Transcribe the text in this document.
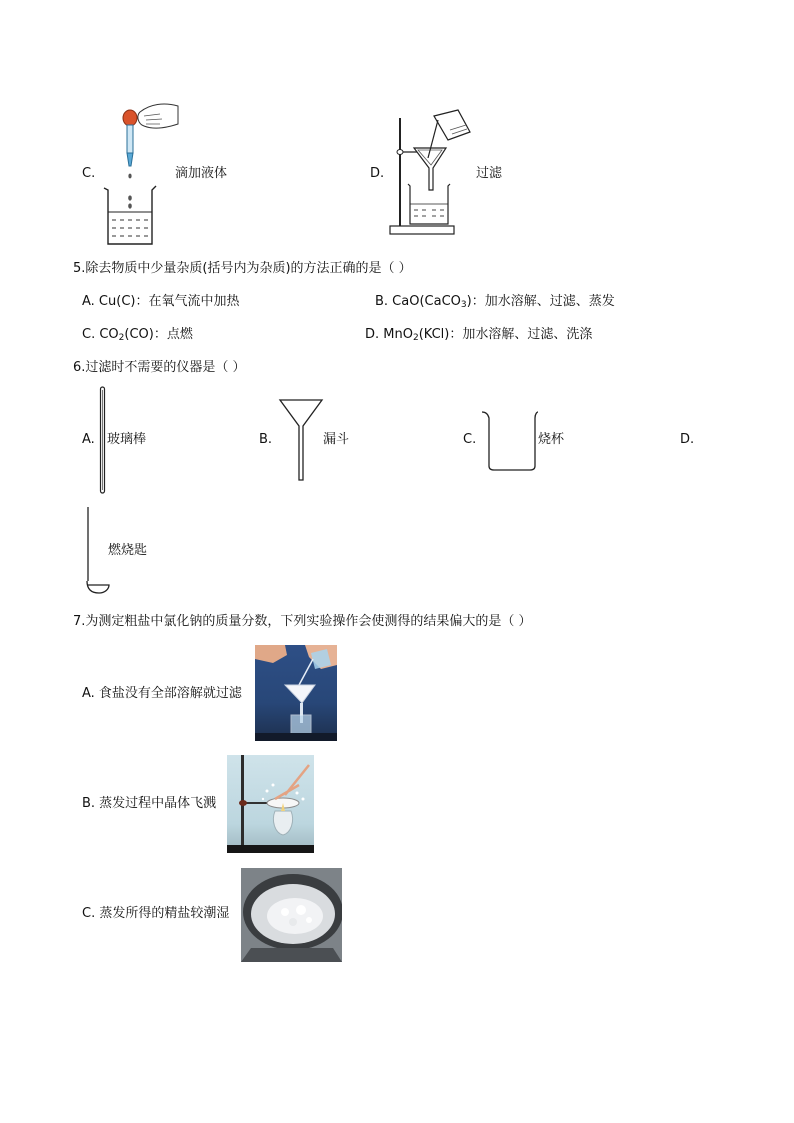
C.	滴加液体	D.	过滤
5.除去物质中少量杂质(括号内为杂质)的方法正确的是（ ）
A. Cu(C)：在氧气流中加热	B. CaO(CaCO$_3$)：加水溶解、过滤、蒸发
C. $CO_2(CO)$：点燃	D. MnO$_2$(KCl)：加水溶解、过滤、洗涤
6.过滤时不需要的仪器是（ ）
A. 玻璃棒	B.	漏斗	C.	烧杯	D.
燃烧匙
7.为测定粗盐中氯化钠的质量分数，下列实验操作会使测得的结果偏大的是（ ）
A. 食盐没有全部溶解就过滤
B. 蒸发过程中晶体飞溅
C. 蒸发所得的精盐较潮湿
